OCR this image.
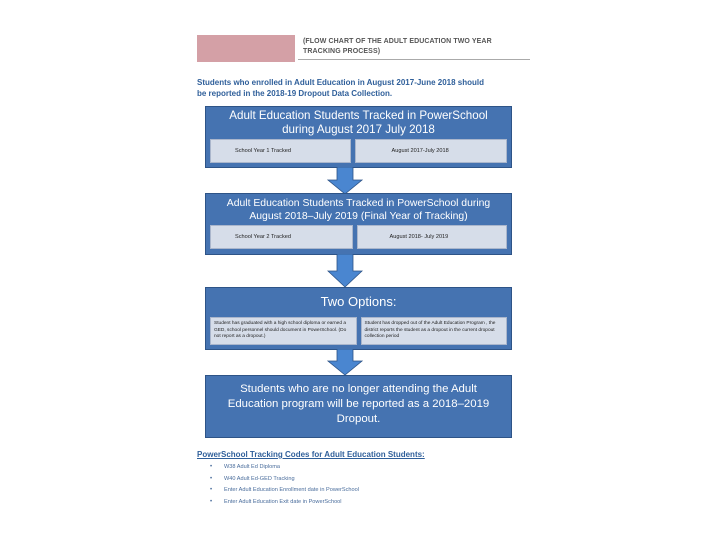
(FLOW CHART OF THE ADULT EDUCATION TWO YEAR TRACKING PROCESS)
Students who enrolled in Adult Education in August 2017-June 2018 should
be reported in the 2018-19 Dropout Data Collection.
Adult Education Students Tracked in PowerSchool
during August 2017 July 2018
School Year 1 Tracked	August 2017-July 2018
Adult Education Students Tracked in PowerSchool during
August 2018–July 2019 (Final Year of Tracking)
School Year 2 Tracked	August 2018- July 2019
Two Options:
Student has graduated with a high school diploma or earned a GED, school personnel should document in PowerSchool. (Do not report as a dropout.)
Student has dropped out of the Adult Education Program , the district reports the student as a dropout in the current dropout collection period
Students who are no longer attending the Adult
Education program will be reported as a 2018–2019
Dropout.
PowerSchool Tracking Codes for Adult Education Students:
• W38 Adult Ed Diploma
• W40 Adult Ed-GED Tracking
• Enter Adult Education Enrollment date in PowerSchool
• Enter Adult Education Exit date in PowerSchool
